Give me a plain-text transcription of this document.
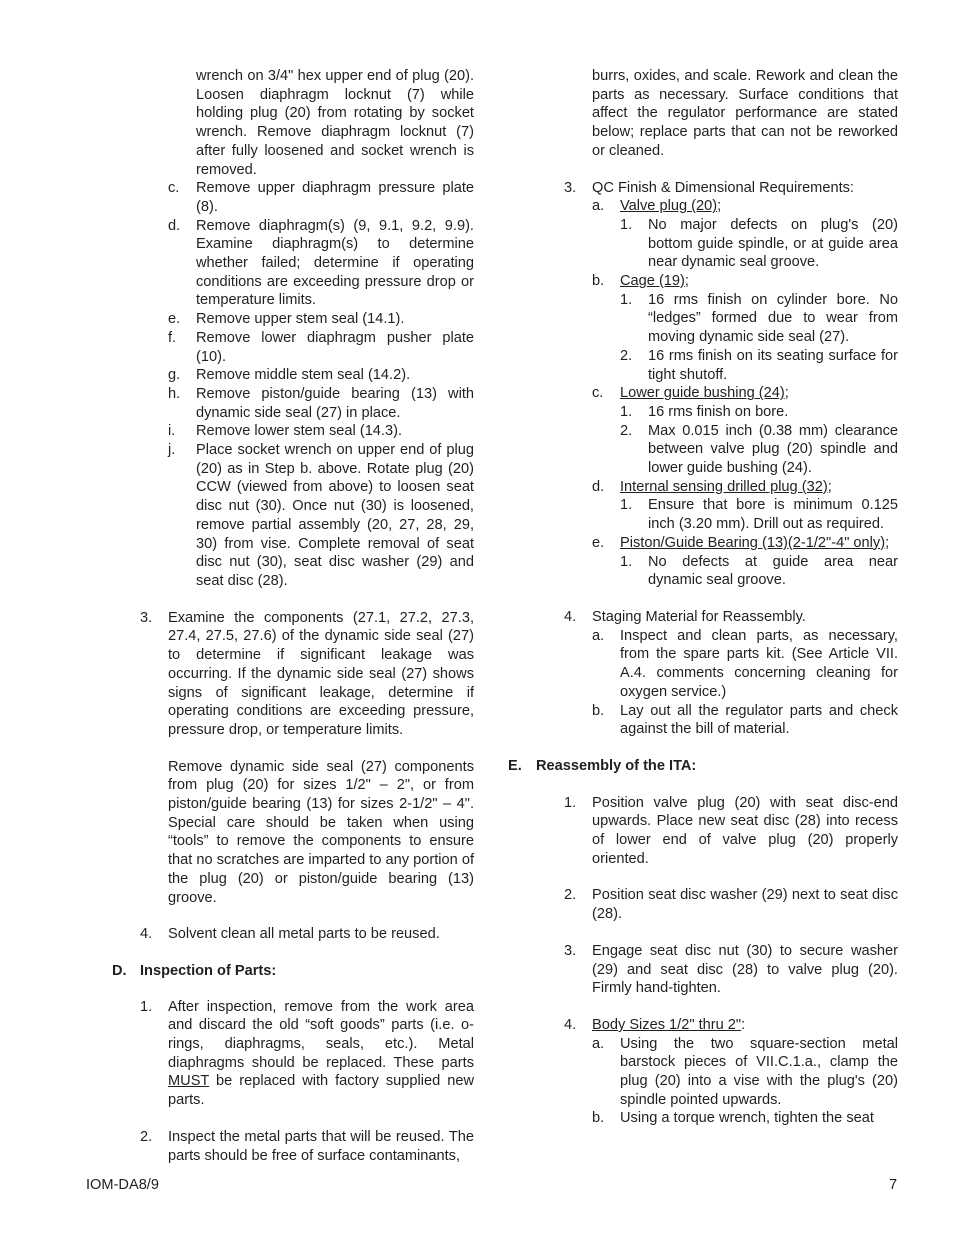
wrench on 3/4" hex upper end of plug (20). Loosen diaphragm locknut (7) while holding plug (20) from rotating by socket wrench. Remove diaphragm locknut (7) after fully loosened and socket wrench is removed.

c. Remove upper diaphragm pressure plate (8).

d. Remove diaphragm(s) (9, 9.1, 9.2, 9.9). Examine diaphragm(s) to determine whether failed; determine if operating conditions are exceeding pressure drop or temperature limits.

e. Remove upper stem seal (14.1).

f. Remove lower diaphragm pusher plate (10).

g. Remove middle stem seal (14.2).

h. Remove piston/guide bearing (13) with dynamic side seal (27) in place.

i. Remove lower stem seal (14.3).

j. Place socket wrench on upper end of plug (20) as in Step b. above. Rotate plug (20) CCW (viewed from above) to loosen seat disc nut (30). Once nut (30) is loosened, remove partial assembly (20, 27, 28, 29, 30) from vise. Complete removal of seat disc nut (30), seat disc washer (29) and seat disc (28).

3. Examine the components (27.1, 27.2, 27.3, 27.4, 27.5, 27.6) of the dynamic side seal (27) to determine if significant leakage was occurring. If the dynamic side seal (27) shows signs of significant leakage, determine if operating conditions are exceeding pressure, pressure drop, or temperature limits.

Remove dynamic side seal (27) components from plug (20) for sizes 1/2" – 2", or from piston/guide bearing (13) for sizes 2-1/2" – 4". Special care should be taken when using “tools” to remove the components to ensure that no scratches are imparted to any portion of the plug (20) or piston/guide bearing (13) groove.

4. Solvent clean all metal parts to be reused.

D. Inspection of Parts:

1. After inspection, remove from the work area and discard the old “soft goods” parts (i.e. o-rings, diaphragms, seals, etc.). Metal diaphragms should be replaced. These parts MUST be replaced with factory supplied new parts.

2. Inspect the metal parts that will be reused. The parts should be free of surface contaminants,

burrs, oxides, and scale. Rework and clean the parts as necessary. Surface conditions that affect the regulator performance are stated below; replace parts that can not be reworked or cleaned.

3. QC Finish & Dimensional Requirements:

a. Valve plug (20);

1. No major defects on plug's (20) bottom guide spindle, or at guide area near dynamic seal groove.

b. Cage (19);

1. 16 rms finish on cylinder bore. No “ledges” formed due to wear from moving dynamic side seal (27).

2. 16 rms finish on its seating surface for tight shutoff.

c. Lower guide bushing (24);

1. 16 rms finish on bore.

2. Max 0.015 inch (0.38 mm) clearance between valve plug (20) spindle and lower guide bushing (24).

d. Internal sensing drilled plug (32);

1. Ensure that bore is minimum 0.125 inch (3.20 mm). Drill out as required.

e. Piston/Guide Bearing (13)(2-1/2"-4" only);

1. No defects at guide area near dynamic seal groove.

4. Staging Material for Reassembly.

a. Inspect and clean parts, as necessary, from the spare parts kit. (See Article VII. A.4. comments concerning cleaning for oxygen service.)

b. Lay out all the regulator parts and check against the bill of material.

E. Reassembly of the ITA:

1. Position valve plug (20) with seat disc-end upwards. Place new seat disc (28) into recess of lower end of valve plug (20) properly oriented.

2. Position seat disc washer (29) next to seat disc (28).

3. Engage seat disc nut (30) to secure washer (29) and seat disc (28) to valve plug (20). Firmly hand-tighten.

4. Body Sizes 1/2" thru 2":

a. Using the two square-section metal barstock pieces of VII.C.1.a., clamp the plug (20) into a vise with the plug's (20) spindle pointed upwards.

b. Using a torque wrench, tighten the seat

IOM-DA8/9	7
